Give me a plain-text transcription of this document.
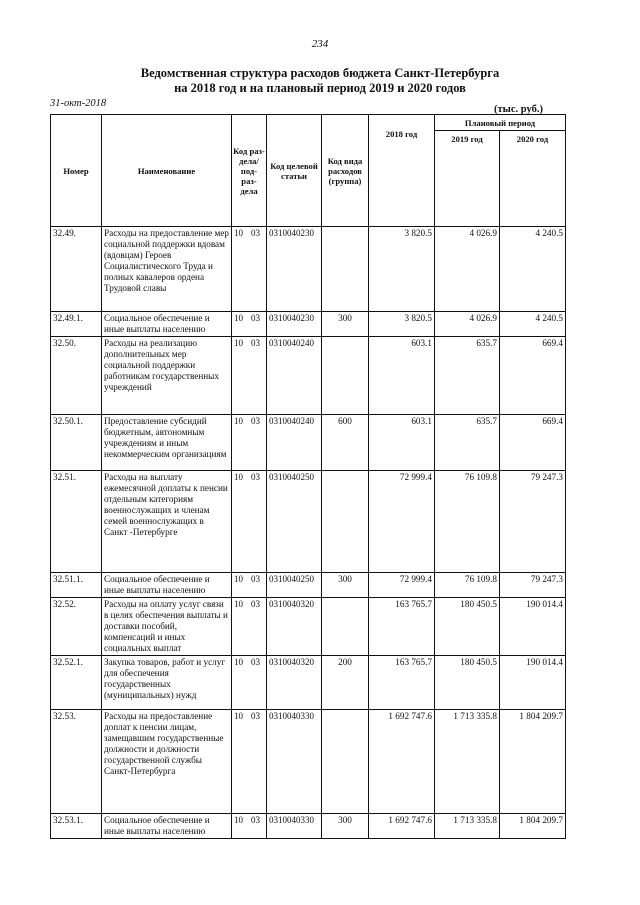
234
Ведомственная структура расходов бюджета Санкт-Петербурга
на 2018 год и на плановый период 2019 и 2020 годов
31-окт-2018
(тыс. руб.)
Номер	Наименование	Код раз- дела/ под- раз- дела	Код целевой статьи	Код вида расходов (группа)	2018 год	Плановый период	
						2019 год	2020 год
32.49.	Расходы на предоставление мер социальной поддержки вдовам (вдовцам) Героев Социалистического Труда и полных кавалеров ордена Трудовой славы	10 03	0310040230		3 820.5	4 026.9	4 240.5
32.49.1.	Социальное обеспечение и иные выплаты населению	10 03	0310040230	300	3 820.5	4 026.9	4 240.5
32.50.	Расходы на реализацию дополнительных мер социальной поддержки работникам государственных учреждений	10 03	0310040240		603.1	635.7	669.4
32.50.1.	Предоставление субсидий бюджетным, автономным учреждениям и иным некоммерческим организациям	10 03	0310040240	600	603.1	635.7	669.4
32.51.	Расходы на выплату ежемесячной доплаты к пенсии отдельным категориям военнослужащих и членам семей военнослужащих в Санкт -Петербурге	10 03	0310040250		72 999.4	76 109.8	79 247.3
32.51.1.	Социальное обеспечение и иные выплаты населению	10 03	0310040250	300	72 999.4	76 109.8	79 247.3
32.52.	Расходы на оплату услуг связи в целях обеспечения выплаты и доставки пособий, компенсаций и иных социальных выплат	10 03	0310040320		163 765.7	180 450.5	190 014.4
32.52.1.	Закупка товаров, работ и услуг для обеспечения государственных (муниципальных) нужд	10 03	0310040320	200	163 765.7	180 450.5	190 014.4
32.53.	Расходы на предоставление доплат к пенсии лицам, замещавшим государственные должности и должности государственной службы Санкт-Петербурга	10 03	0310040330		1 692 747.6	1 713 335.8	1 804 209.7
32.53.1.	Социальное обеспечение и иные выплаты населению	10 03	0310040330	300	1 692 747.6	1 713 335.8	1 804 209.7
